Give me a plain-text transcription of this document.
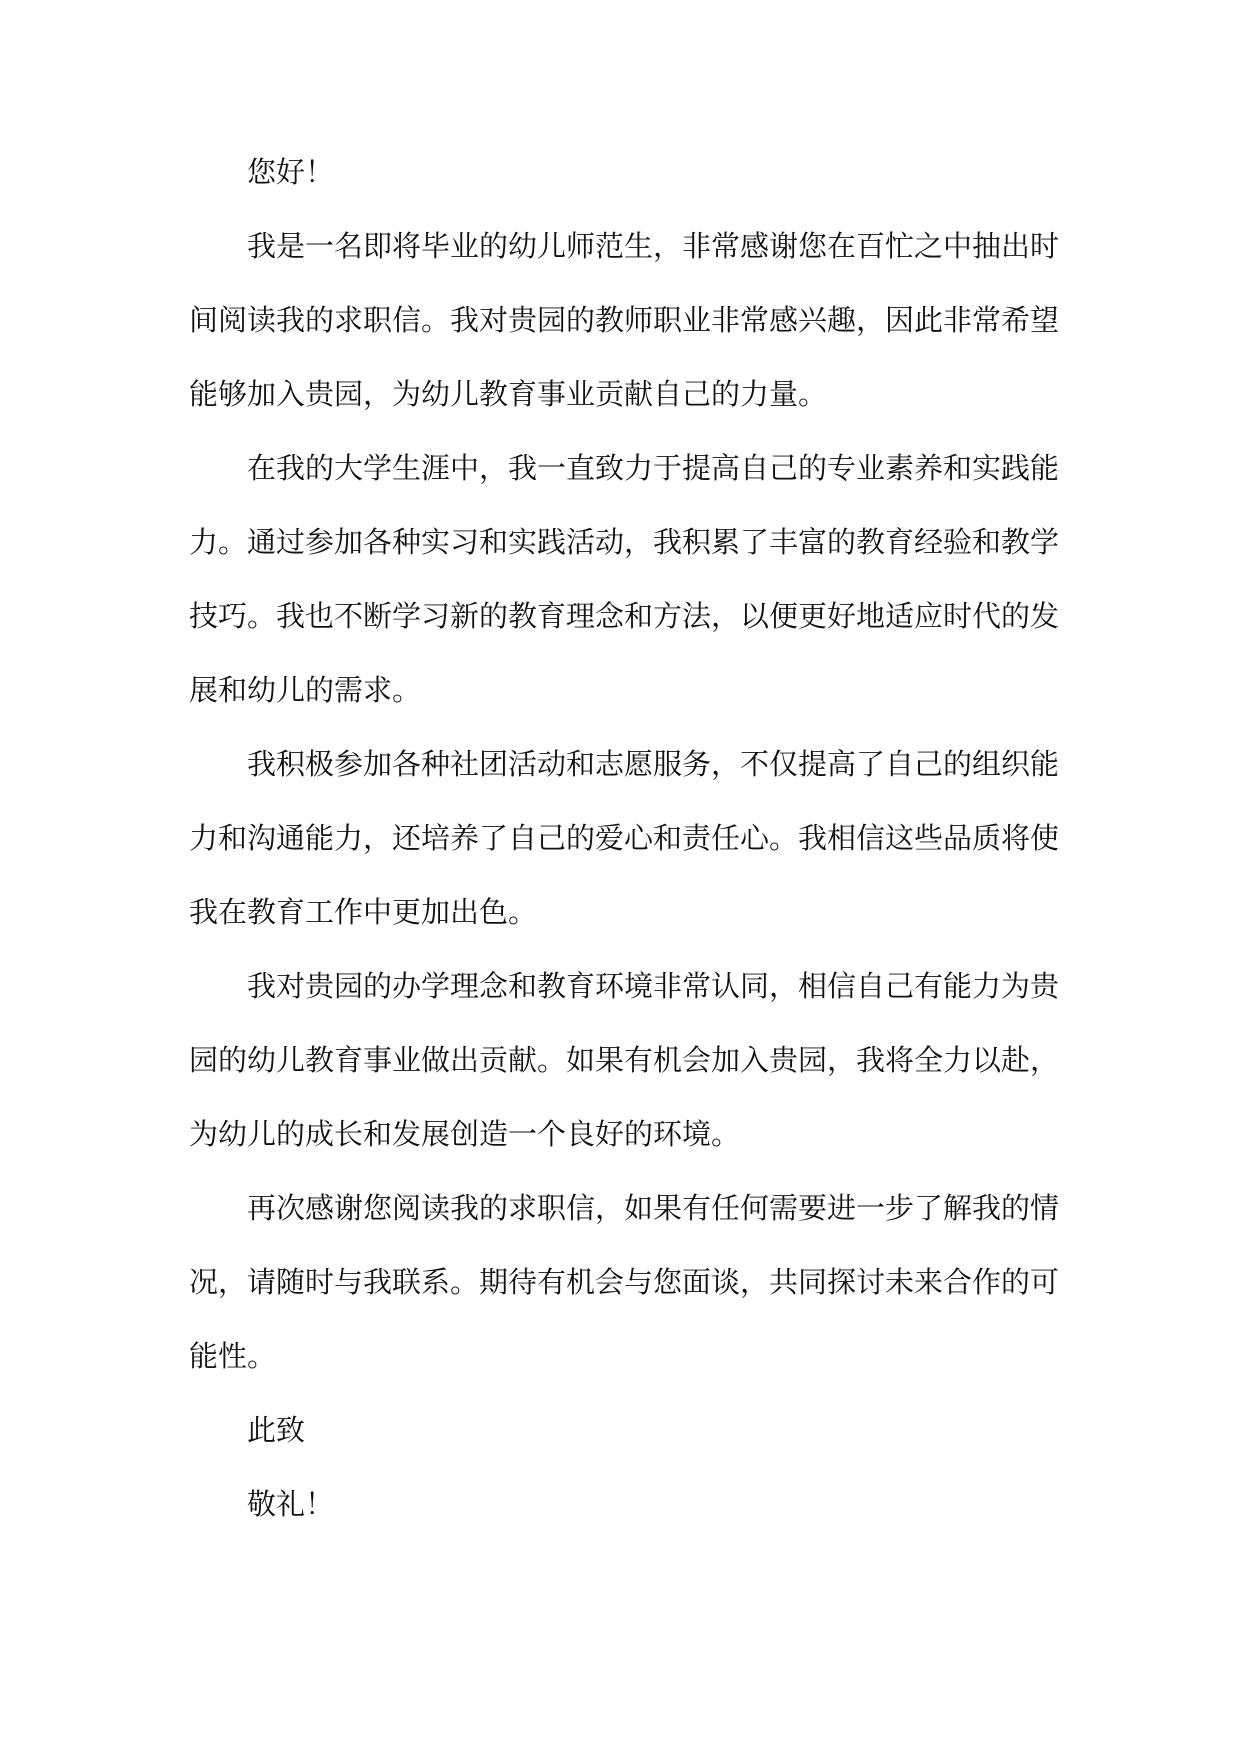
您好！

我是一名即将毕业的幼儿师范生，非常感谢您在百忙之中抽出时间阅读我的求职信。我对贵园的教师职业非常感兴趣，因此非常希望能够加入贵园，为幼儿教育事业贡献自己的力量。

在我的大学生涯中，我一直致力于提高自己的专业素养和实践能力。通过参加各种实习和实践活动，我积累了丰富的教育经验和教学技巧。我也不断学习新的教育理念和方法，以便更好地适应时代的发展和幼儿的需求。

我积极参加各种社团活动和志愿服务，不仅提高了自己的组织能力和沟通能力，还培养了自己的爱心和责任心。我相信这些品质将使我在教育工作中更加出色。

我对贵园的办学理念和教育环境非常认同，相信自己有能力为贵园的幼儿教育事业做出贡献。如果有机会加入贵园，我将全力以赴，为幼儿的成长和发展创造一个良好的环境。

再次感谢您阅读我的求职信，如果有任何需要进一步了解我的情况，请随时与我联系。期待有机会与您面谈，共同探讨未来合作的可能性。

此致

敬礼！
